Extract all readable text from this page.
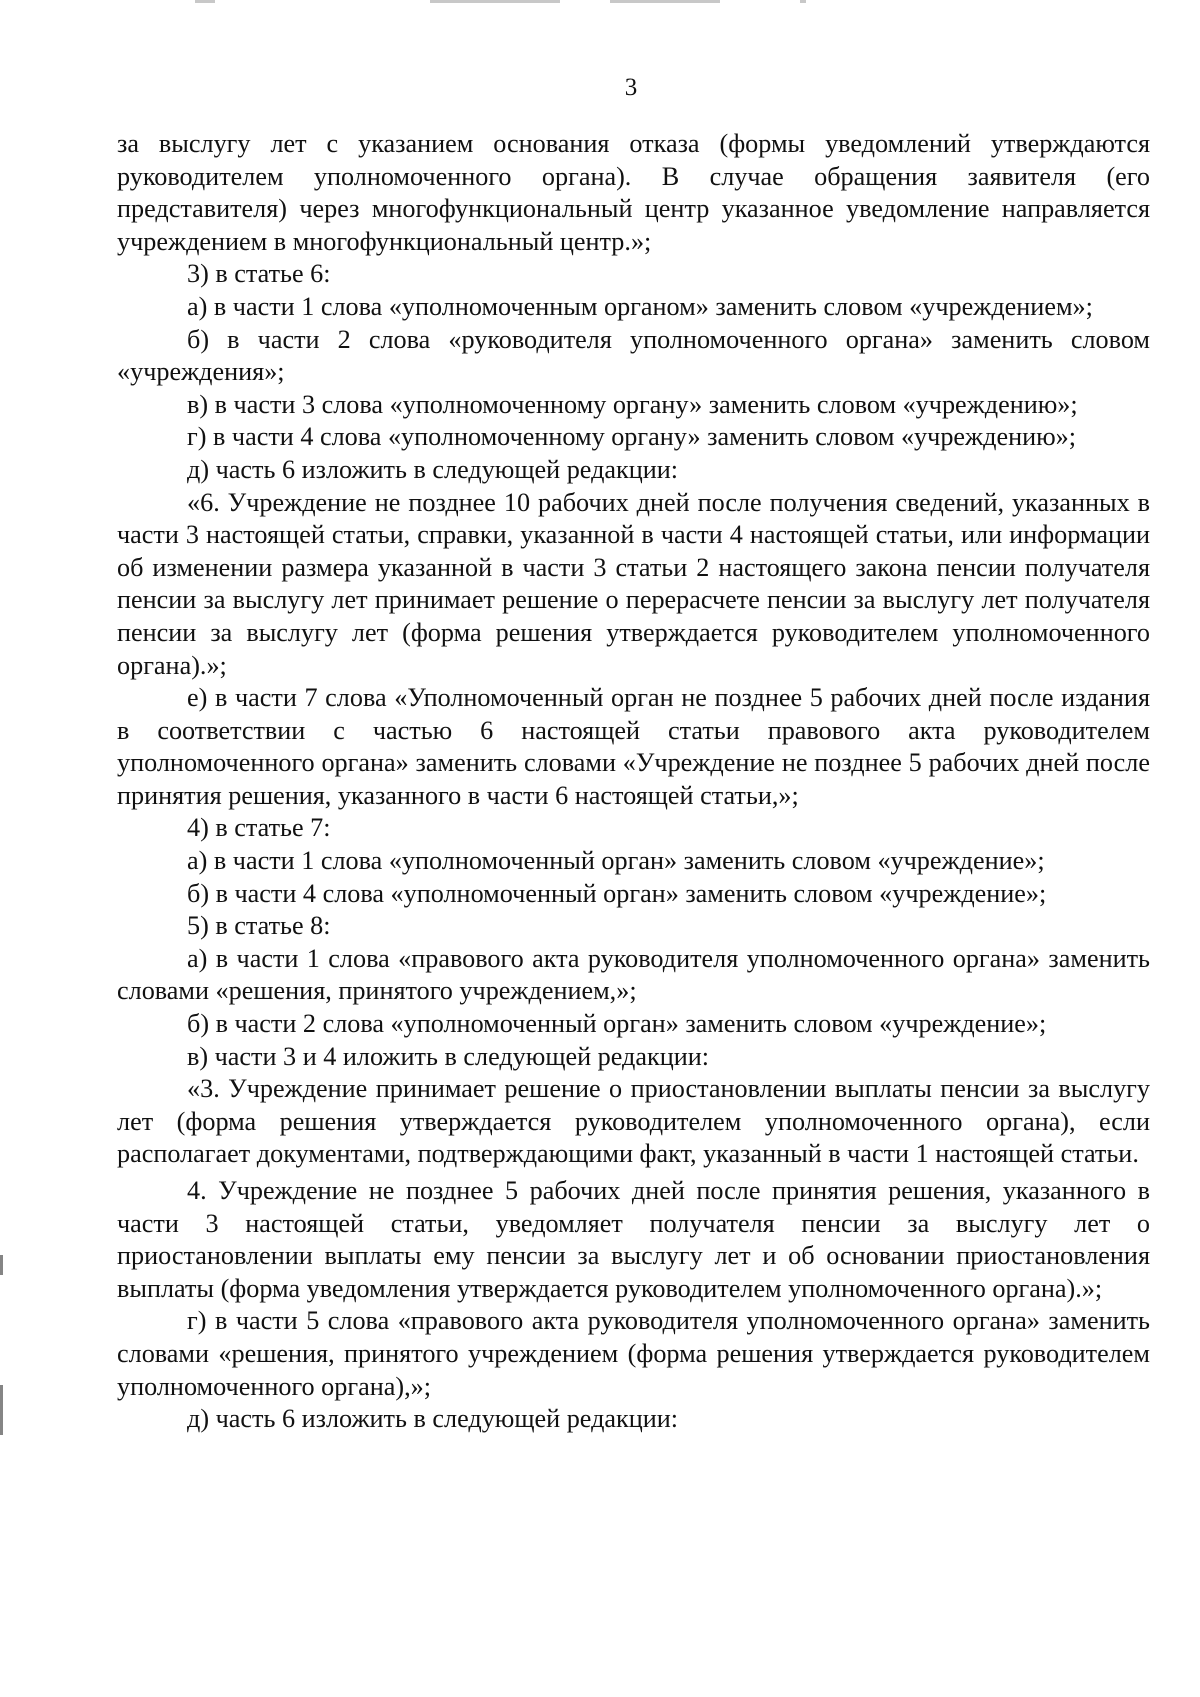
3

за выслугу лет с указанием основания отказа (формы уведомлений утверждаются руководителем уполномоченного органа). В случае обращения заявителя (его представителя) через многофункциональный центр указанное уведомление направляется учреждением в многофункциональный центр.»;

3) в статье 6:

а) в части 1 слова «уполномоченным органом» заменить словом «учреждением»;

б) в части 2 слова «руководителя уполномоченного органа» заменить словом «учреждения»;

в) в части 3 слова «уполномоченному органу» заменить словом «учреждению»;

г) в части 4 слова «уполномоченному органу» заменить словом «учреждению»;

д) часть 6 изложить в следующей редакции:

«6. Учреждение не позднее 10 рабочих дней после получения сведений, указанных в части 3 настоящей статьи, справки, указанной в части 4 настоящей статьи, или информации об изменении размера указанной в части 3 статьи 2 настоящего закона пенсии получателя пенсии за выслугу лет принимает решение о перерасчете пенсии за выслугу лет получателя пенсии за выслугу лет (форма решения утверждается руководителем уполномоченного органа).»;

е) в части 7 слова «Уполномоченный орган не позднее 5 рабочих дней после издания в соответствии с частью 6 настоящей статьи правового акта руководителем уполномоченного органа» заменить словами «Учреждение не позднее 5 рабочих дней после принятия решения, указанного в части 6 настоящей статьи,»;

4) в статье 7:

а) в части 1 слова «уполномоченный орган» заменить словом «учреждение»;

б) в части 4 слова «уполномоченный орган» заменить словом «учреждение»;

5) в статье 8:

а) в части 1 слова «правового акта руководителя уполномоченного органа» заменить словами «решения, принятого учреждением,»;

б) в части 2 слова «уполномоченный орган» заменить словом «учреждение»;

в) части 3 и 4 иложить в следующей редакции:

«3. Учреждение принимает решение о приостановлении выплаты пенсии за выслугу лет (форма решения утверждается руководителем уполномоченного органа), если располагает документами, подтверждающими факт, указанный в части 1 настоящей статьи.

4. Учреждение не позднее 5 рабочих дней после принятия решения, указанного в части 3 настоящей статьи, уведомляет получателя пенсии за выслугу лет о приостановлении выплаты ему пенсии за выслугу лет и об основании приостановления выплаты (форма уведомления утверждается руководителем уполномоченного органа).»;

г) в части 5 слова «правового акта руководителя уполномоченного органа» заменить словами «решения, принятого учреждением (форма решения утверждается руководителем уполномоченного органа),»;

д) часть 6 изложить в следующей редакции:
